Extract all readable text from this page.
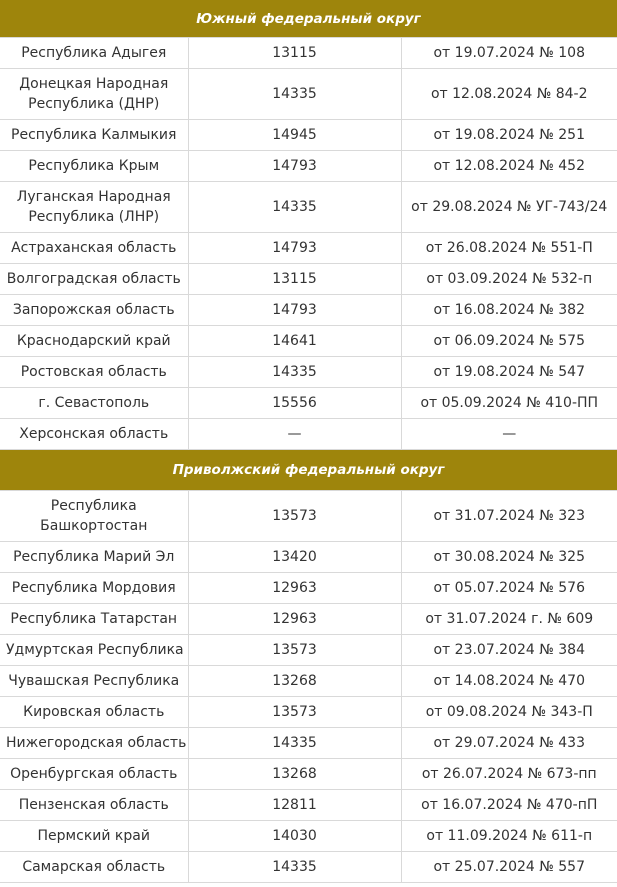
Южный федеральный округ		
Республика Адыгея	13115	от 19.07.2024 № 108
Донецкая Народная Республика (ДНР)	14335	от 12.08.2024 № 84-2
Республика Калмыкия	14945	от 19.08.2024 № 251
Республика Крым	14793	от 12.08.2024 № 452
Луганская Народная Республика (ЛНР)	14335	от 29.08.2024 № УГ-743/24
Астраханская область	14793	от 26.08.2024 № 551-П
Волгоградская область	13115	от 03.09.2024 № 532-п
Запорожская область	14793	от 16.08.2024 № 382
Краснодарский край	14641	от 06.09.2024 № 575
Ростовская область	14335	от 19.08.2024 № 547
г. Севастополь	15556	от 05.09.2024 № 410-ПП
Херсонская область	—	—
Приволжский федеральный округ		
Республика Башкортостан	13573	от 31.07.2024 № 323
Республика Марий Эл	13420	от 30.08.2024 № 325
Республика Мордовия	12963	от 05.07.2024 № 576
Республика Татарстан	12963	от 31.07.2024 г. № 609
Удмуртская Республика	13573	от 23.07.2024 № 384
Чувашская Республика	13268	от 14.08.2024 № 470
Кировская область	13573	от 09.08.2024 № 343-П
Нижегородская область	14335	от 29.07.2024 № 433
Оренбургская область	13268	от 26.07.2024 № 673-пп
Пензенская область	12811	от 16.07.2024 № 470-пП
Пермский край	14030	от 11.09.2024 № 611-п
Самарская область	14335	от 25.07.2024 № 557
